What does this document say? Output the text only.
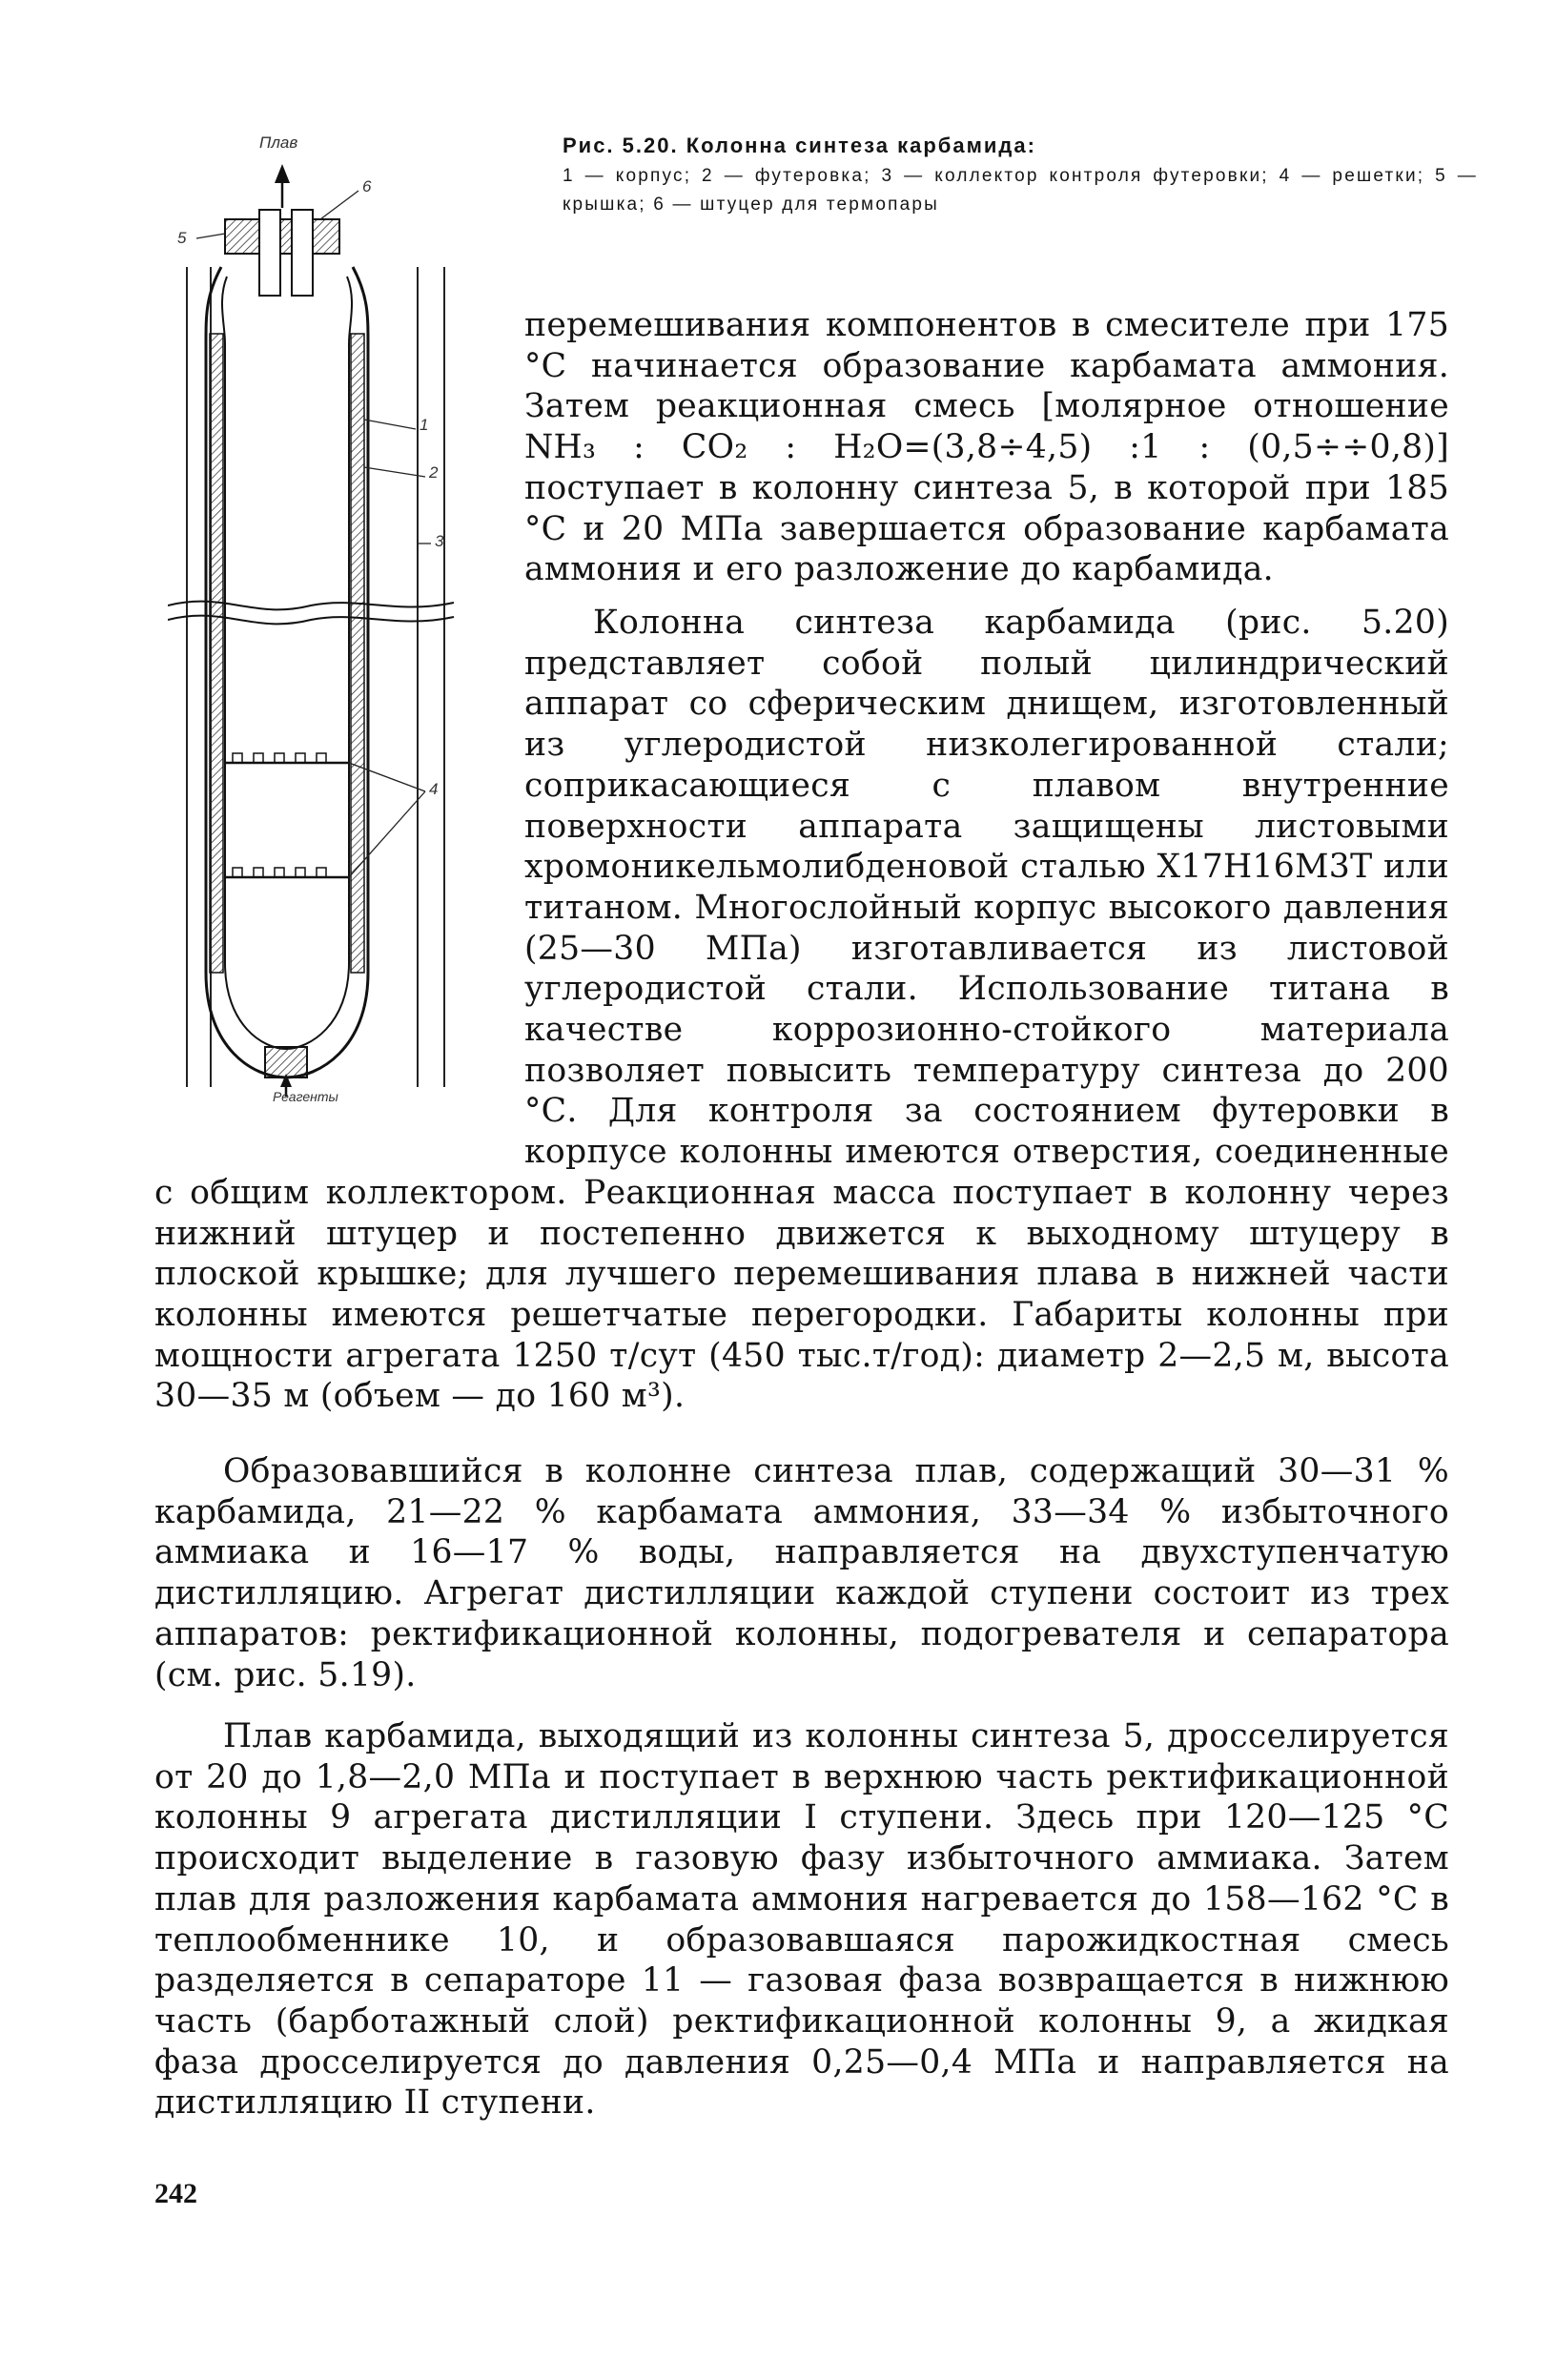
Рис. 5.20. Колонна синтеза карбамида:
1 — корпус; 2 — футеровка; 3 — коллектор контроля футеровки; 4 — решетки; 5 — крышка; 6 — штуцер для термопары
Плав
Реагенты
1
2
3
4
5
6

перемешивания компонентов в смесителе при 175 °С начинается образование карбамата аммония. Затем реакционная смесь [молярное отношение NH₃ : CO₂ : H₂O=(3,8÷4,5) :1 : (0,5÷÷0,8)] поступает в колонну синтеза 5, в которой при 185 °С и 20 МПа завершается образование карбамата аммония и его разложение до карбамида.

Колонна синтеза карбамида (рис. 5.20) представляет собой полый цилиндрический аппарат со сферическим днищем, изготовленный из углеродистой низколегированной стали; соприкасающиеся с плавом внутренние поверхности аппарата защищены листовыми хромоникельмолибденовой сталью Х17Н16М3Т или титаном. Многослойный корпус высокого давления (25—30 МПа) изготавливается из листовой углеродистой стали. Использование титана в качестве коррозионно-стойкого материала позволяет повысить температуру синтеза до 200 °С. Для контроля за состоянием футеровки в корпусе колонны имеются отверстия, соединенные с общим коллектором. Реакционная масса поступает в колонну через нижний штуцер и постепенно движется к выходному штуцеру в плоской крышке; для лучшего перемешивания плава в нижней части колонны имеются решетчатые перегородки. Габариты колонны при мощности агрегата 1250 т/сут (450 тыс.т/год): диаметр 2—2,5 м, высота 30—35 м (объем — до 160 м³).

Образовавшийся в колонне синтеза плав, содержащий 30—31 % карбамида, 21—22 % карбамата аммония, 33—34 % избыточного аммиака и 16—17 % воды, направляется на двухступенчатую дистилляцию. Агрегат дистилляции каждой ступени состоит из трех аппаратов: ректификационной колонны, подогревателя и сепаратора (см. рис. 5.19).

Плав карбамида, выходящий из колонны синтеза 5, дросселируется от 20 до 1,8—2,0 МПа и поступает в верхнюю часть ректификационной колонны 9 агрегата дистилляции I ступени. Здесь при 120—125 °С происходит выделение в газовую фазу избыточного аммиака. Затем плав для разложения карбамата аммония нагревается до 158—162 °С в теплообменнике 10, и образовавшаяся парожидкостная смесь разделяется в сепараторе 11 — газовая фаза возвращается в нижнюю часть (барботажный слой) ректификационной колонны 9, а жидкая фаза дросселируется до давления 0,25—0,4 МПа и направляется на дистилляцию II ступени.

242
